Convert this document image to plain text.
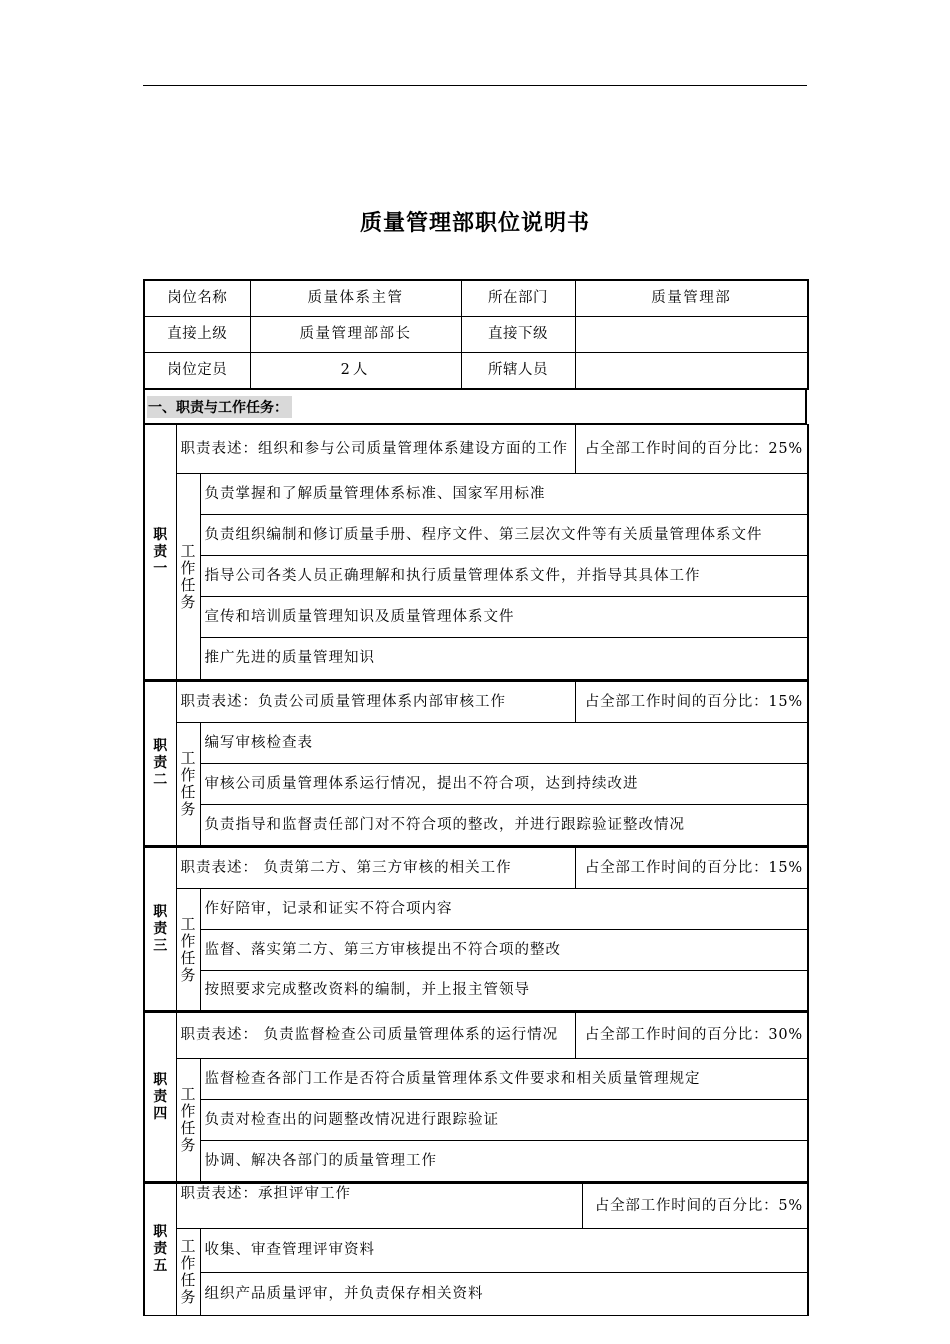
质量管理部职位说明书
岗位名称	质量体系主管	所在部门	质量管理部
直接上级	质量管理部部长	直接下级	
岗位定员	2人	所辖人员	
一、职责与工作任务：
职
责
一	职责表述：组织和参与公司质量管理体系建设方面的工作		占全部工作时间的百分比：25%

	工
作
任
务	负责掌握和了解质量管理体系标准、国家军用标准	
		负责组织编制和修订质量手册、程序文件、第三层次文件等有关质量管理体系文件	
		指导公司各类人员正确理解和执行质量管理体系文件，并指导其具体工作	
		宣传和培训质量管理知识及质量管理体系文件	
		推广先进的质量管理知识	
职
责
二	职责表述：负责公司质量管理体系内部审核工作		占全部工作时间的百分比：15%

	工
作
任
务	编写审核检查表	
		审核公司质量管理体系运行情况，提出不符合项，达到持续改进	
		负责指导和监督责任部门对不符合项的整改，并进行跟踪验证整改情况	
职
责
三	职责表述： 负责第二方、第三方审核的相关工作		占全部工作时间的百分比：15%

	工
作
任
务	作好陪审，记录和证实不符合项内容	
		监督、落实第二方、第三方审核提出不符合项的整改	
		按照要求完成整改资料的编制，并上报主管领导	
职
责
四	职责表述： 负责监督检查公司质量管理体系的运行情况		占全部工作时间的百分比：30%

	工
作
任
务	监督检查各部门工作是否符合质量管理体系文件要求和相关质量管理规定	
		负责对检查出的问题整改情况进行跟踪验证	
		协调、解决各部门的质量管理工作	
职
责
五	职责表述：承担评审工作		占全部工作时间的百分比：5%

	工
作
任
务	收集、审查管理评审资料	
		组织产品质量评审，并负责保存相关资料	
